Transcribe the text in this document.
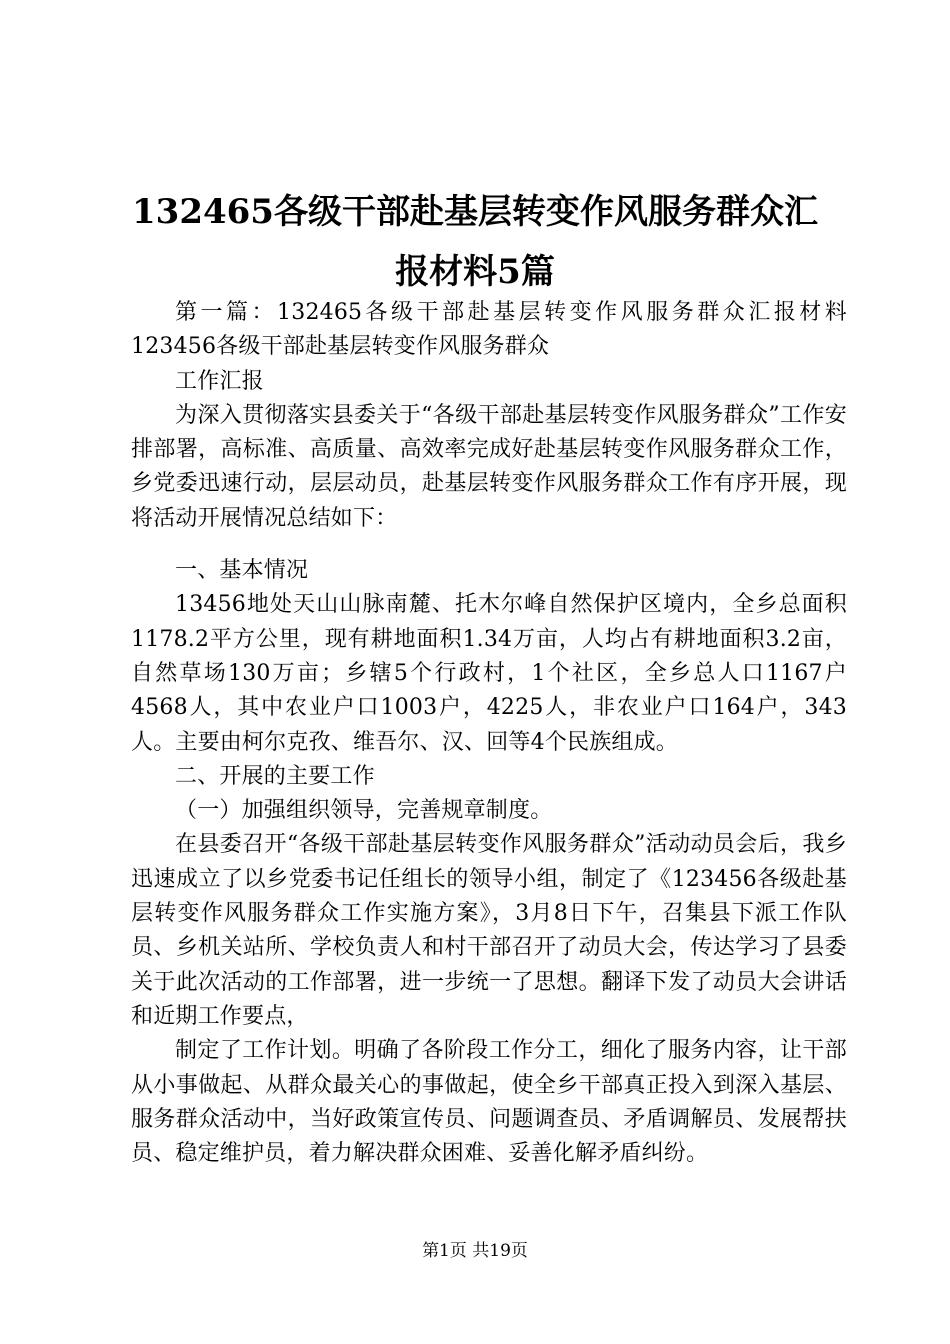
132465各级干部赴基层转变作风服务群众汇
报材料5篇

第一篇：132465各级干部赴基层转变作风服务群众汇报材料123456各级干部赴基层转变作风服务群众

工作汇报

为深入贯彻落实县委关于“各级干部赴基层转变作风服务群众”工作安排部署，高标准、高质量、高效率完成好赴基层转变作风服务群众工作，乡党委迅速行动，层层动员，赴基层转变作风服务群众工作有序开展，现将活动开展情况总结如下：

一、基本情况

13456地处天山山脉南麓、托木尔峰自然保护区境内，全乡总面积1178.2平方公里，现有耕地面积1.34万亩，人均占有耕地面积3.2亩，自然草场130万亩；乡辖5个行政村，1个社区，全乡总人口1167户4568人，其中农业户口1003户，4225人，非农业户口164户，343人。主要由柯尔克孜、维吾尔、汉、回等4个民族组成。

二、开展的主要工作

（一）加强组织领导，完善规章制度。

在县委召开“各级干部赴基层转变作风服务群众”活动动员会后，我乡迅速成立了以乡党委书记任组长的领导小组，制定了《123456各级赴基层转变作风服务群众工作实施方案》，3月8日下午，召集县下派工作队员、乡机关站所、学校负责人和村干部召开了动员大会，传达学习了县委关于此次活动的工作部署，进一步统一了思想。翻译下发了动员大会讲话和近期工作要点，

制定了工作计划。明确了各阶段工作分工，细化了服务内容，让干部从小事做起、从群众最关心的事做起，使全乡干部真正投入到深入基层、服务群众活动中，当好政策宣传员、问题调查员、矛盾调解员、发展帮扶员、稳定维护员，着力解决群众困难、妥善化解矛盾纠纷。

第1页 共19页
